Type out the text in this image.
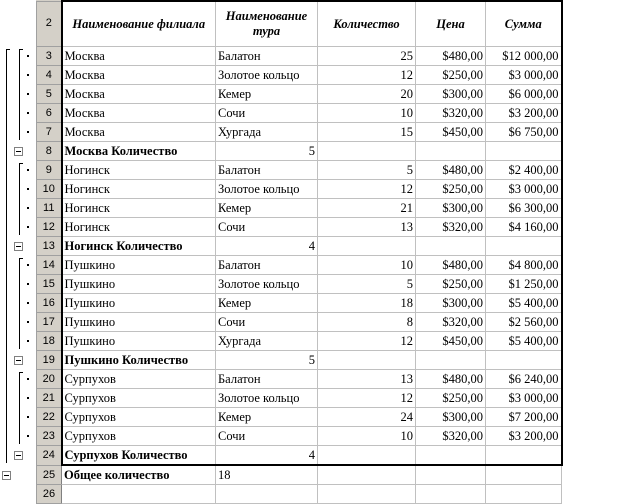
2	Наименование филиала	Наименование тура	Количество	Цена	Сумма
3	Москва	Балатон	25	$480,00	$12 000,00
4	Москва	Золотое кольцо	12	$250,00	$3 000,00
5	Москва	Кемер	20	$300,00	$6 000,00
6	Москва	Сочи	10	$320,00	$3 200,00
7	Москва	Хургада	15	$450,00	$6 750,00
8	Москва Количество	5			
9	Ногинск	Балатон	5	$480,00	$2 400,00
10	Ногинск	Золотое кольцо	12	$250,00	$3 000,00
11	Ногинск	Кемер	21	$300,00	$6 300,00
12	Ногинск	Сочи	13	$320,00	$4 160,00
13	Ногинск Количество	4			
14	Пушкино	Балатон	10	$480,00	$4 800,00
15	Пушкино	Золотое кольцо	5	$250,00	$1 250,00
16	Пушкино	Кемер	18	$300,00	$5 400,00
17	Пушкино	Сочи	8	$320,00	$2 560,00
18	Пушкино	Хургада	12	$450,00	$5 400,00
19	Пушкино Количество	5			
20	Сурпухов	Балатон	13	$480,00	$6 240,00
21	Сурпухов	Золотое кольцо	12	$250,00	$3 000,00
22	Сурпухов	Кемер	24	$300,00	$7 200,00
23	Сурпухов	Сочи	10	$320,00	$3 200,00
24	Сурпухов Количество	4			
25	Общее количество	18			
26					
